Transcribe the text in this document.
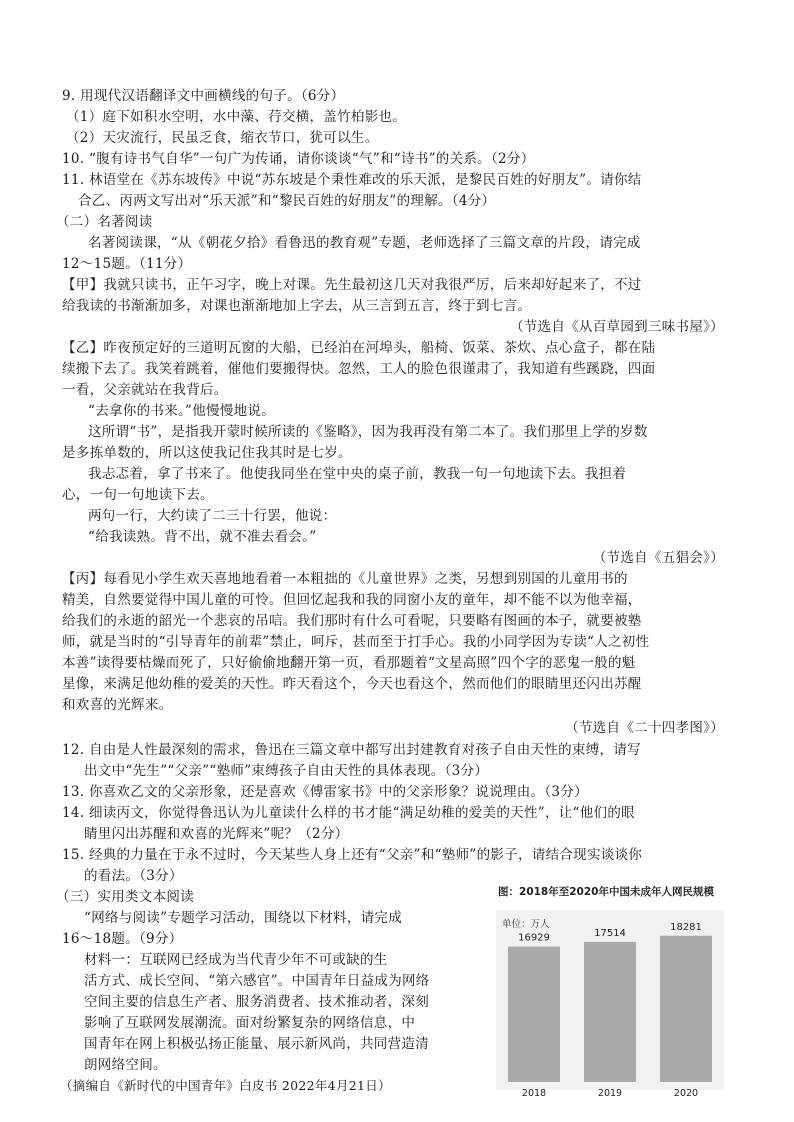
9. 用现代汉语翻译文中画横线的句子。（6分）
（1）庭下如积水空明，水中藻、荇交横，盖竹柏影也。
（2）天灾流行，民虽乏食，缩衣节口，犹可以生。
10. “腹有诗书气自华”一句广为传诵，请你谈谈“气”和“诗书”的关系。（2分）
11. 林语堂在《苏东坡传》中说“苏东坡是个秉性难改的乐天派，是黎民百姓的好朋友”。请你结
合乙、丙两文写出对“乐天派”和“黎民百姓的好朋友”的理解。（4分）
（二）名著阅读
名著阅读课，“从《朝花夕拾》看鲁迅的教育观”专题，老师选择了三篇文章的片段，请完成
12～15题。（11分）
【甲】我就只读书，正午习字，晚上对课。先生最初这几天对我很严厉，后来却好起来了，不过
给我读的书渐渐加多，对课也渐渐地加上字去，从三言到五言，终于到七言。
（节选自《从百草园到三味书屋》）
【乙】昨夜预定好的三道明瓦窗的大船，已经泊在河埠头，船椅、饭菜、茶炊、点心盒子，都在陆
续搬下去了。我笑着跳着，催他们要搬得快。忽然，工人的脸色很谨肃了，我知道有些蹊跷，四面
一看，父亲就站在我背后。
“去拿你的书来。”他慢慢地说。
这所谓“书”，是指我开蒙时候所读的《鉴略》，因为我再没有第二本了。我们那里上学的岁数
是多拣单数的，所以这使我记住我其时是七岁。
我忐忑着，拿了书来了。他使我同坐在堂中央的桌子前，教我一句一句地读下去。我担着
心，一句一句地读下去。
两句一行，大约读了二三十行罢，他说：
“给我读熟。背不出，就不准去看会。”
（节选自《五猖会》）
【丙】每看见小学生欢天喜地地看着一本粗拙的《儿童世界》之类，另想到别国的儿童用书的
精美，自然要觉得中国儿童的可怜。但回忆起我和我的同窗小友的童年，却不能不以为他幸福，
给我们的永逝的韶光一个悲哀的吊唁。我们那时有什么可看呢，只要略有图画的本子，就要被塾
师，就是当时的“引导青年的前辈”禁止，呵斥，甚而至于打手心。我的小同学因为专读“人之初性
本善”读得要枯燥而死了，只好偷偷地翻开第一页，看那题着“文星高照”四个字的恶鬼一般的魁
星像，来满足他幼稚的爱美的天性。昨天看这个，今天也看这个，然而他们的眼睛里还闪出苏醒
和欢喜的光辉来。
（节选自《二十四孝图》）
12. 自由是人性最深刻的需求，鲁迅在三篇文章中都写出封建教育对孩子自由天性的束缚，请写
出文中“先生”“父亲”“塾师”束缚孩子自由天性的具体表现。（3分）
13. 你喜欢乙文的父亲形象，还是喜欢《傅雷家书》中的父亲形象？说说理由。（3分）
14. 细读丙文，你觉得鲁迅认为儿童读什么样的书才能“满足幼稚的爱美的天性”，让“他们的眼
睛里闪出苏醒和欢喜的光辉来”呢？（2分）
15. 经典的力量在于永不过时，今天某些人身上还有“父亲”和“塾师”的影子，请结合现实谈谈你
的看法。（3分）
（三）实用类文本阅读
“网络与阅读”专题学习活动，围绕以下材料，请完成
16～18题。（9分）
材料一：互联网已经成为当代青少年不可或缺的生
活方式、成长空间、“第六感官”。中国青年日益成为网络
空间主要的信息生产者、服务消费者、技术推动者，深刻
影响了互联网发展潮流。面对纷繁复杂的网络信息，中
国青年在网上积极弘扬正能量、展示新风尚，共同营造清
朗网络空间。
（摘编自《新时代的中国青年》白皮书 2022年4月21日）
图：2018年至2020年中国未成年人网民规模
单位：万人
16929
2018
17514
2019
18281
2020
